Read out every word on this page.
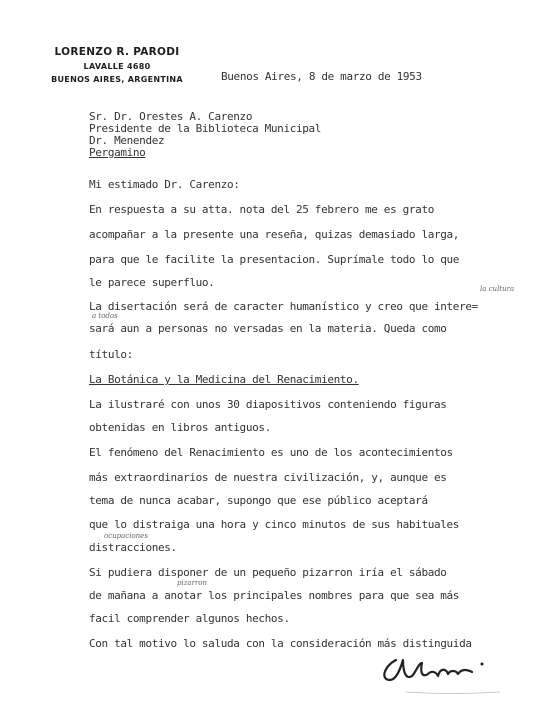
LORENZO R. PARODI
LAVALLE 4680
BUENOS AIRES, ARGENTINA	Buenos Aires, 8 de marzo de 1953
Sr. Dr. Orestes A. Carenzo
Presidente de la Biblioteca Municipal
Dr. Menendez
Pergamino
Mi estimado Dr. Carenzo:
En respuesta a su atta. nota del 25 febrero me es grato
acompañar a la presente una reseña, quizas demasiado larga,
para que le facilite la presentacion. Suprímale todo lo que
le parece superfluo.	la cultura
La disertación será de caracter humanístico y creo que intere=
a todos
sará aun a personas no versadas en la materia. Queda como
título:
La Botánica y la Medicina del Renacimiento.
La ilustraré con unos 30 diapositivos conteniendo figuras
obtenidas en libros antiguos.
El fenómeno del Renacimiento es uno de los acontecimientos
más extraordinarios de nuestra civilización, y, aunque es
tema de nunca acabar, supongo que ese público aceptará
que lo distraiga una hora y cinco minutos de sus habituales
ocupaciones
distracciones.
Si pudiera disponer de un pequeño pizarron iría el sábado
pizarron
de mañana a anotar los principales nombres para que sea más
facil comprender algunos hechos.
Con tal motivo lo saluda con la consideración más distinguida
